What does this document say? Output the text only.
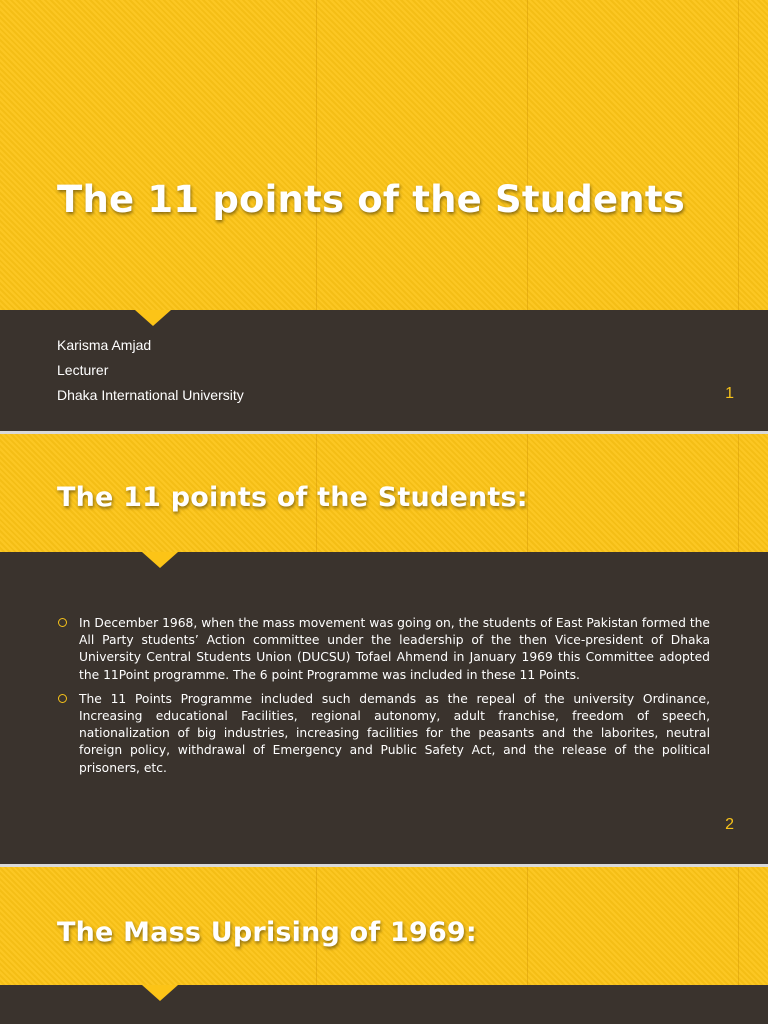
The 11 points of the Students
Karisma Amjad
Lecturer
Dhaka International University	1
The 11 points of the Students:
In December 1968, when the mass movement was going on, the students of East Pakistan formed the All Party students’ Action committee under the leadership of the then Vice-president of Dhaka University Central Students Union (DUCSU) Tofael Ahmend in January 1969 this Committee adopted the 11Point programme. The 6 point Programme was included in these 11 Points.
The 11 Points Programme included such demands as the repeal of the university Ordinance, Increasing educational Facilities, regional autonomy, adult franchise, freedom of speech, nationalization of big industries, increasing facilities for the peasants and the laborites, neutral foreign policy, withdrawal of Emergency and Public Safety Act, and the release of the political prisoners, etc.
2
The Mass Uprising of 1969:
